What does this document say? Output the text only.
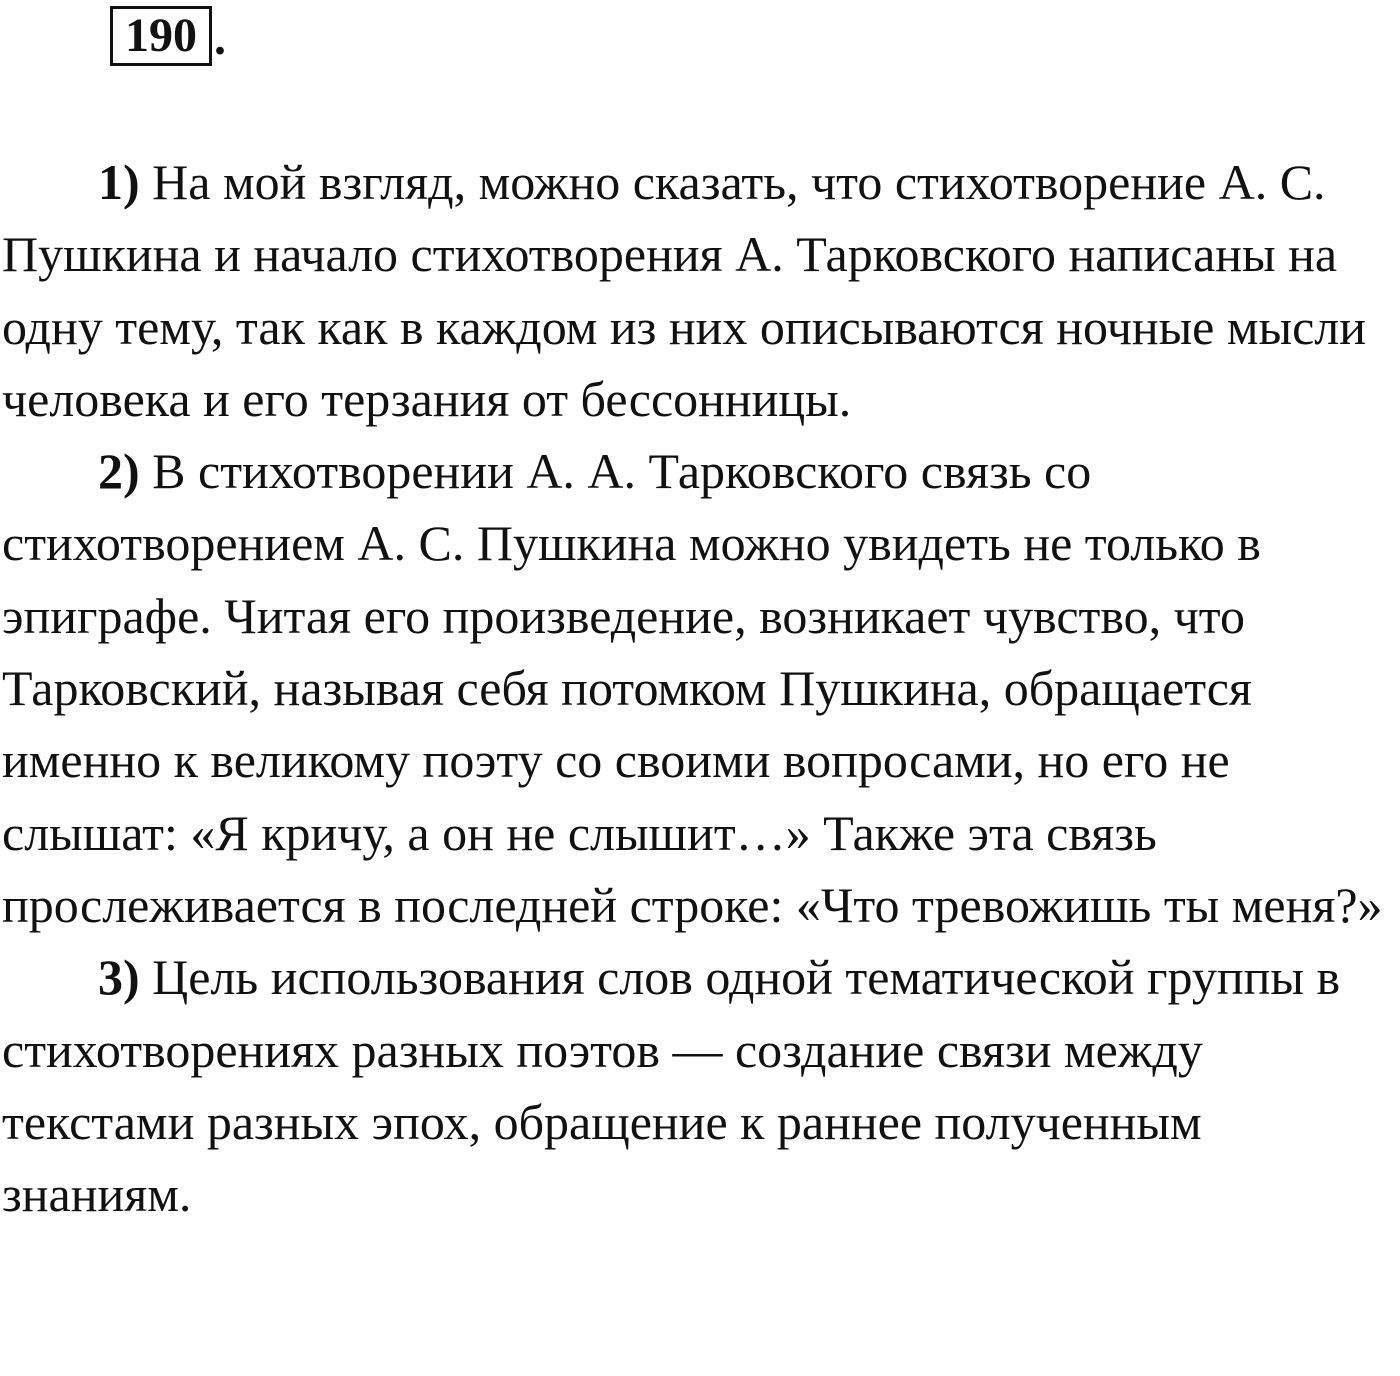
190 .

1) На мой взгляд, можно сказать, что стихотворение А. С. Пушкина и начало стихотворения А. Тарковского написаны на одну тему, так как в каждом из них описываются ночные мысли человека и его терзания от бессонницы.

2) В стихотворении А. А. Тарковского связь со стихотворением А. С. Пушкина можно увидеть не только в эпиграфе. Читая его произведение, возникает чувство, что Тарковский, называя себя потомком Пушкина, обращается именно к великому поэту со своими вопросами, но его не слышат: «Я кричу, а он не слышит…» Также эта связь прослеживается в последней строке: «Что тревожишь ты меня?»

3) Цель использования слов одной тематической группы в стихотворениях разных поэтов — создание связи между текстами разных эпох, обращение к раннее полученным знаниям.
